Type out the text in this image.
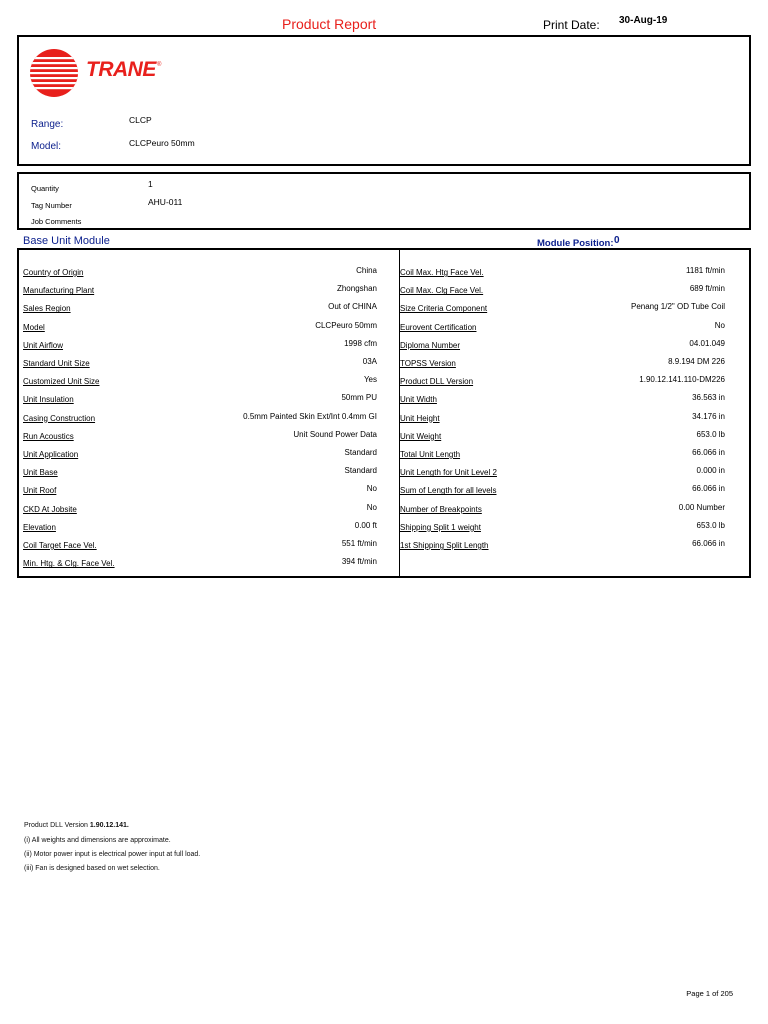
Product Report	Print Date: 30-Aug-19
TRANE ®
Range:	CLCP
Model:	CLCPeuro 50mm
Quantity	1
Tag Number	AHU-011
Job Comments
Base Unit Module	Module Position: 0
Country of Origin	China
Manufacturing Plant	Zhongshan
Sales Region	Out of CHINA
Model	CLCPeuro 50mm
Unit Airflow	1998 cfm
Standard Unit Size	03A
Customized Unit Size	Yes
Unit Insulation	50mm PU
Casing Construction	0.5mm Painted Skin Ext/Int 0.4mm GI
Run Acoustics	Unit Sound Power Data
Unit Application	Standard
Unit Base	Standard
Unit Roof	No
CKD At Jobsite	No
Elevation	0.00 ft
Coil Target Face Vel.	551 ft/min
Min. Htg. & Clg. Face Vel.	394 ft/min
Coil Max. Htg Face Vel.	1181 ft/min
Coil Max. Clg Face Vel.	689 ft/min
Size Criteria Component	Penang 1/2" OD Tube Coil
Eurovent Certification	No
Diploma Number	04.01.049
TOPSS Version	8.9.194 DM 226
Product DLL Version	1.90.12.141.110-DM226
Unit Width	36.563 in
Unit Height	34.176 in
Unit Weight	653.0 lb
Total Unit Length	66.066 in
Unit Length for Unit Level 2	0.000 in
Sum of Length for all levels	66.066 in
Number of Breakpoints	0.00 Number
Shipping Split 1 weight	653.0 lb
1st Shipping Split Length	66.066 in
Product DLL Version 1.90.12.141.
(i) All weights and dimensions are approximate.
(ii) Motor power input is electrical power input at full load.
(iii) Fan is designed based on wet selection.
Page 1 of 205
